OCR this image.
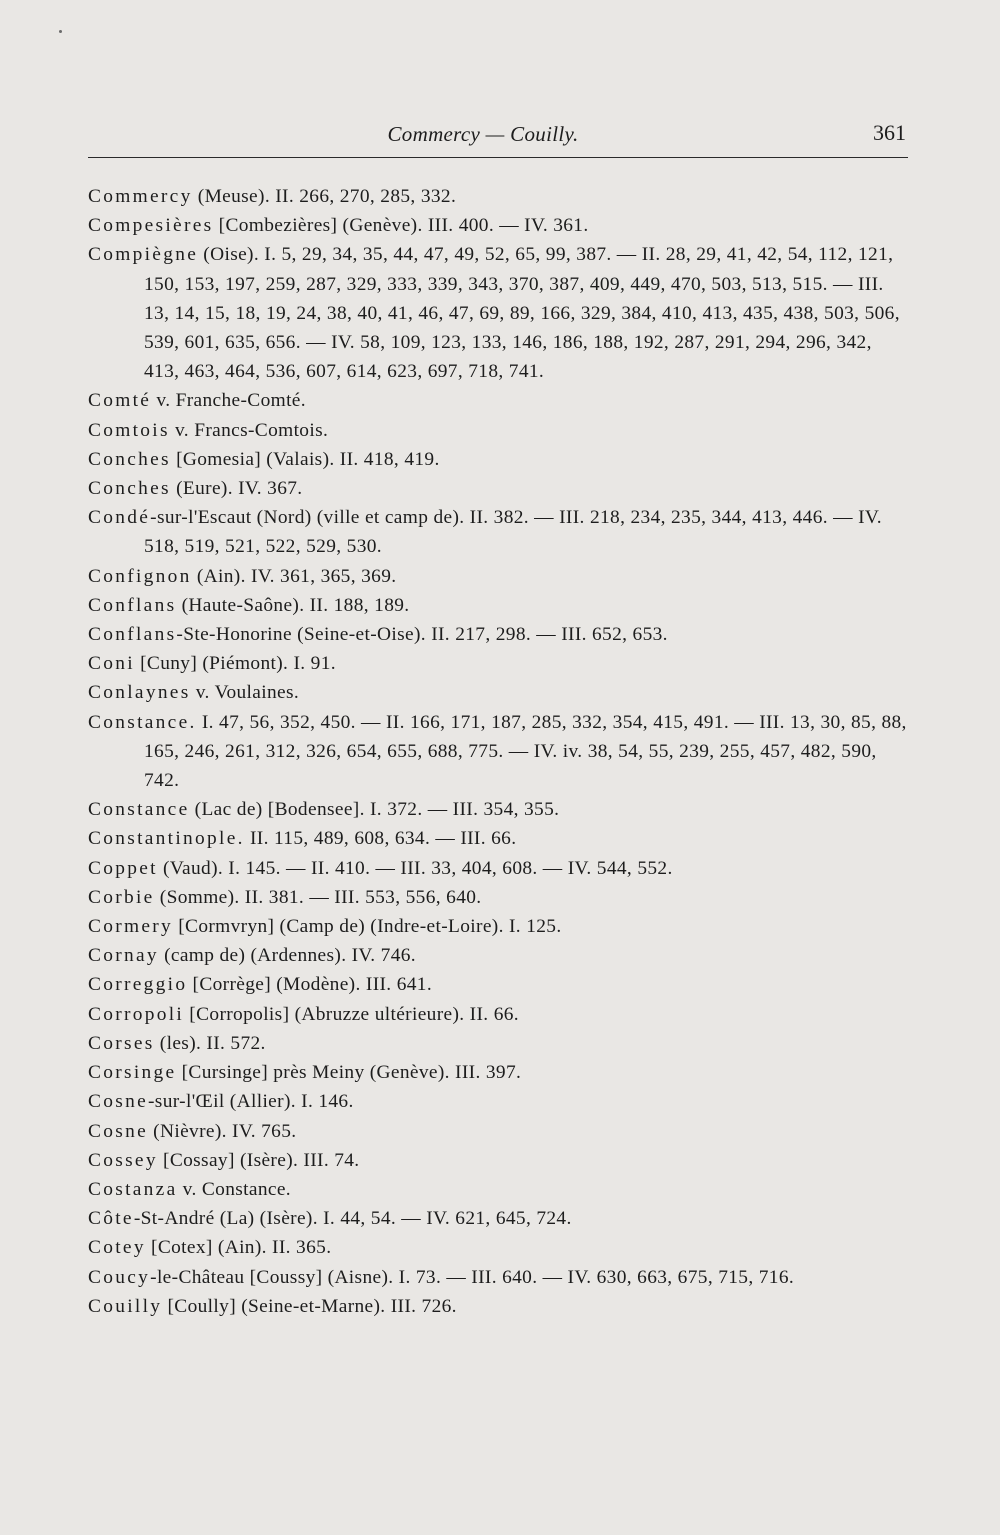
Commercy — Couilly.	361
Commercy (Meuse). II. 266, 270, 285, 332.
Compesières [Combezières] (Genève). III. 400. — IV. 361.
Compiègne (Oise). I. 5, 29, 34, 35, 44, 47, 49, 52, 65, 99, 387. — II. 28, 29, 41, 42, 54, 112, 121, 150, 153, 197, 259, 287, 329, 333, 339, 343, 370, 387, 409, 449, 470, 503, 513, 515. — III. 13, 14, 15, 18, 19, 24, 38, 40, 41, 46, 47, 69, 89, 166, 329, 384, 410, 413, 435, 438, 503, 506, 539, 601, 635, 656. — IV. 58, 109, 123, 133, 146, 186, 188, 192, 287, 291, 294, 296, 342, 413, 463, 464, 536, 607, 614, 623, 697, 718, 741.
Comté v. Franche-Comté.
Comtois v. Francs-Comtois.
Conches [Gomesia] (Valais). II. 418, 419.
Conches (Eure). IV. 367.
Condé-sur-l'Escaut (Nord) (ville et camp de). II. 382. — III. 218, 234, 235, 344, 413, 446. — IV. 518, 519, 521, 522, 529, 530.
Confignon (Ain). IV. 361, 365, 369.
Conflans (Haute-Saône). II. 188, 189.
Conflans-Ste-Honorine (Seine-et-Oise). II. 217, 298. — III. 652, 653.
Coni [Cuny] (Piémont). I. 91.
Conlaynes v. Voulaines.
Constance. I. 47, 56, 352, 450. — II. 166, 171, 187, 285, 332, 354, 415, 491. — III. 13, 30, 85, 88, 165, 246, 261, 312, 326, 654, 655, 688, 775. — IV. iv. 38, 54, 55, 239, 255, 457, 482, 590, 742.
Constance (Lac de) [Bodensee]. I. 372. — III. 354, 355.
Constantinople. II. 115, 489, 608, 634. — III. 66.
Coppet (Vaud). I. 145. — II. 410. — III. 33, 404, 608. — IV. 544, 552.
Corbie (Somme). II. 381. — III. 553, 556, 640.
Cormery [Cormvryn] (Camp de) (Indre-et-Loire). I. 125.
Cornay (camp de) (Ardennes). IV. 746.
Correggio [Corrège] (Modène). III. 641.
Corropoli [Corropolis] (Abruzze ultérieure). II. 66.
Corses (les). II. 572.
Corsinge [Cursinge] près Meiny (Genève). III. 397.
Cosne-sur-l'Œil (Allier). I. 146.
Cosne (Nièvre). IV. 765.
Cossey [Cossay] (Isère). III. 74.
Costanza v. Constance.
Côte-St-André (La) (Isère). I. 44, 54. — IV. 621, 645, 724.
Cotey [Cotex] (Ain). II. 365.
Coucy-le-Château [Coussy] (Aisne). I. 73. — III. 640. — IV. 630, 663, 675, 715, 716.
Couilly [Coully] (Seine-et-Marne). III. 726.
